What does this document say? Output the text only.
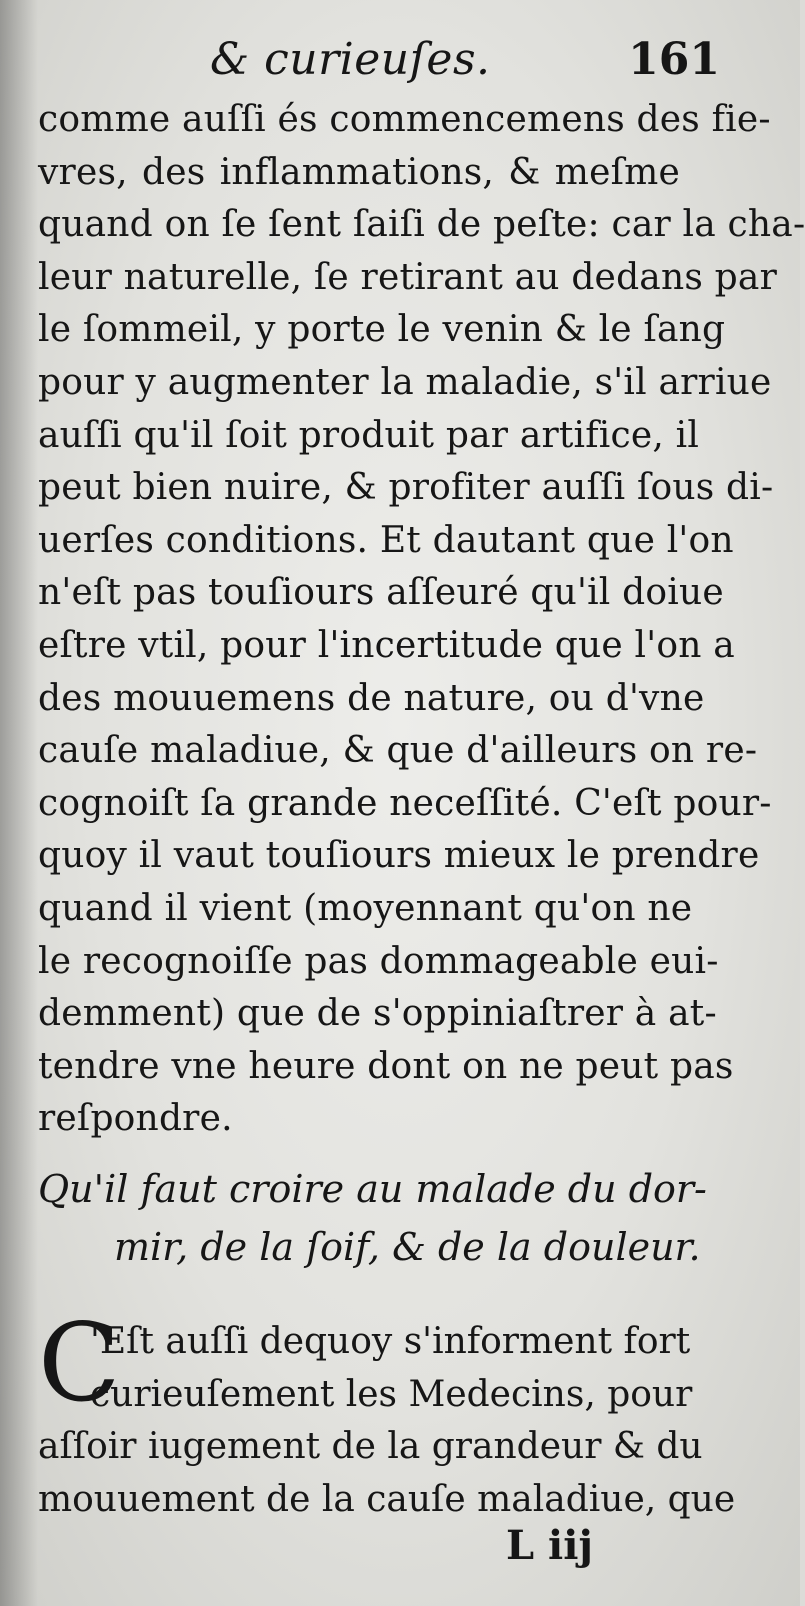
& curieuſes.	161
comme auſſi és commencemens des fie-
vres, des inflammations, & meſme
quand on ſe ſent ſaiſi de peſte: car la cha-
leur naturelle, ſe retirant au dedans par
le ſommeil, y porte le venin & le ſang
pour y augmenter la maladie, s'il arriue
auſſi qu'il ſoit produit par artifice, il
peut bien nuire, & profiter auſſi ſous di-
uerſes conditions. Et dautant que l'on
n'eſt pas touſiours aſſeuré qu'il doiue
eſtre vtil, pour l'incertitude que l'on a
des mouuemens de nature, ou d'vne
cauſe maladiue, & que d'ailleurs on re-
cognoiſt ſa grande neceſſité. C'eſt pour-
quoy il vaut touſiours mieux le prendre
quand il vient (moyennant qu'on ne
le recognoiſſe pas dommageable eui-
demment) que de s'oppiniaſtrer à at-
tendre vne heure dont on ne peut pas
reſpondre.
Qu'il faut croire au malade du dor-
mir, de la ſoif, & de la douleur.
C
'Eſt auſſi dequoy s'informent fort
curieuſement les Medecins, pour
aſſoir iugement de la grandeur & du
mouuement de la cauſe maladiue, que
L iij
